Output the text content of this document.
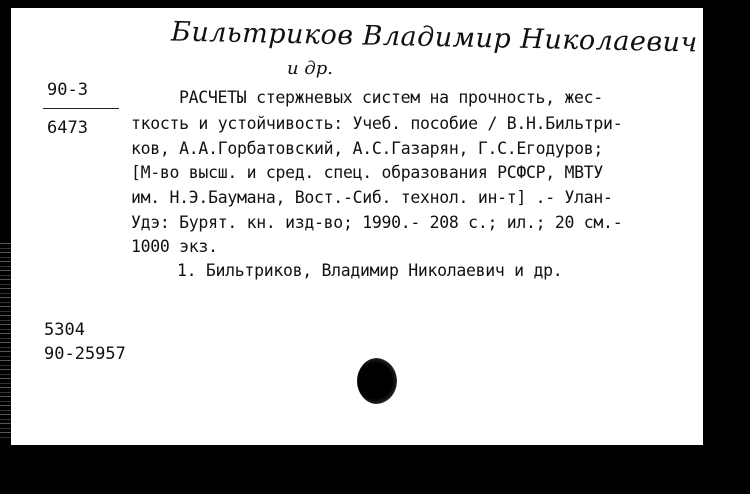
Бильтриков Владимир Николаевич
и др.
90-3
6473
РАСЧЕТЫ стержневых систем на прочность, жес-
ткость и устойчивость: Учеб. пособие / В.Н.Бильтри-
ков, А.А.Горбатовский, А.С.Газарян, Г.С.Егодуров;
[М-во высш. и сред. спец. образования РСФСР, МВТУ
им. Н.Э.Баумана, Вост.-Сиб. технол. ин-т] .- Улан-
Удэ: Бурят. кн. изд-во; 1990.- 208 с.; ил.; 20 см.-
1000 экз.
1. Бильтриков, Владимир Николаевич и др.
5304
90-25957
